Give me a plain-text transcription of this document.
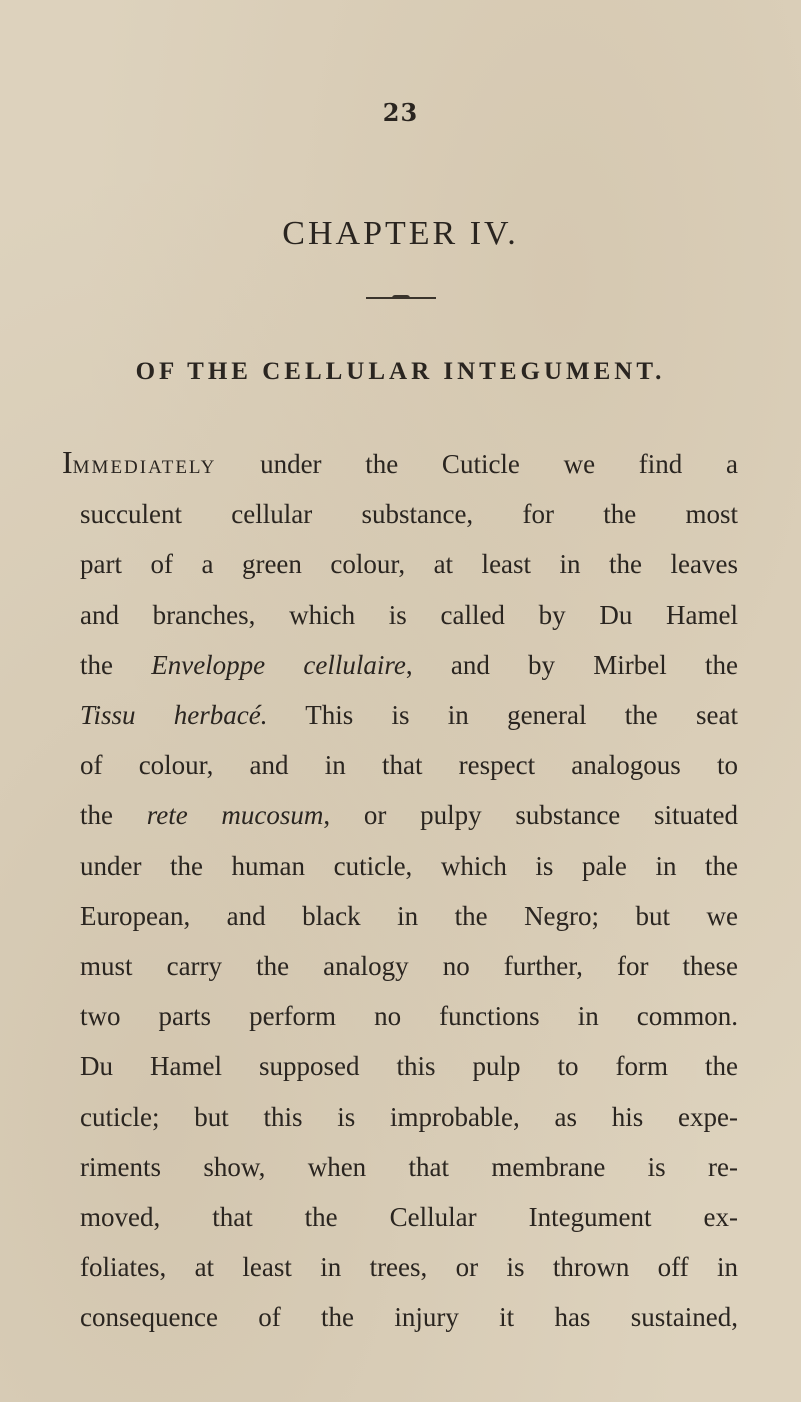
23
CHAPTER IV.
OF THE CELLULAR INTEGUMENT.
Immediately under the Cuticle we find a
succulent cellular substance, for the most
part of a green colour, at least in the leaves
and branches, which is called by Du Hamel
the Enveloppe cellulaire, and by Mirbel the
Tissu herbacé. This is in general the seat
of colour, and in that respect analogous to
the rete mucosum, or pulpy substance situated
under the human cuticle, which is pale in the
European, and black in the Negro; but we
must carry the analogy no further, for these
two parts perform no functions in common.
Du Hamel supposed this pulp to form the
cuticle; but this is improbable, as his expe-
riments show, when that membrane is re-
moved, that the Cellular Integument ex-
foliates, at least in trees, or is thrown off in
consequence of the injury it has sustained,
